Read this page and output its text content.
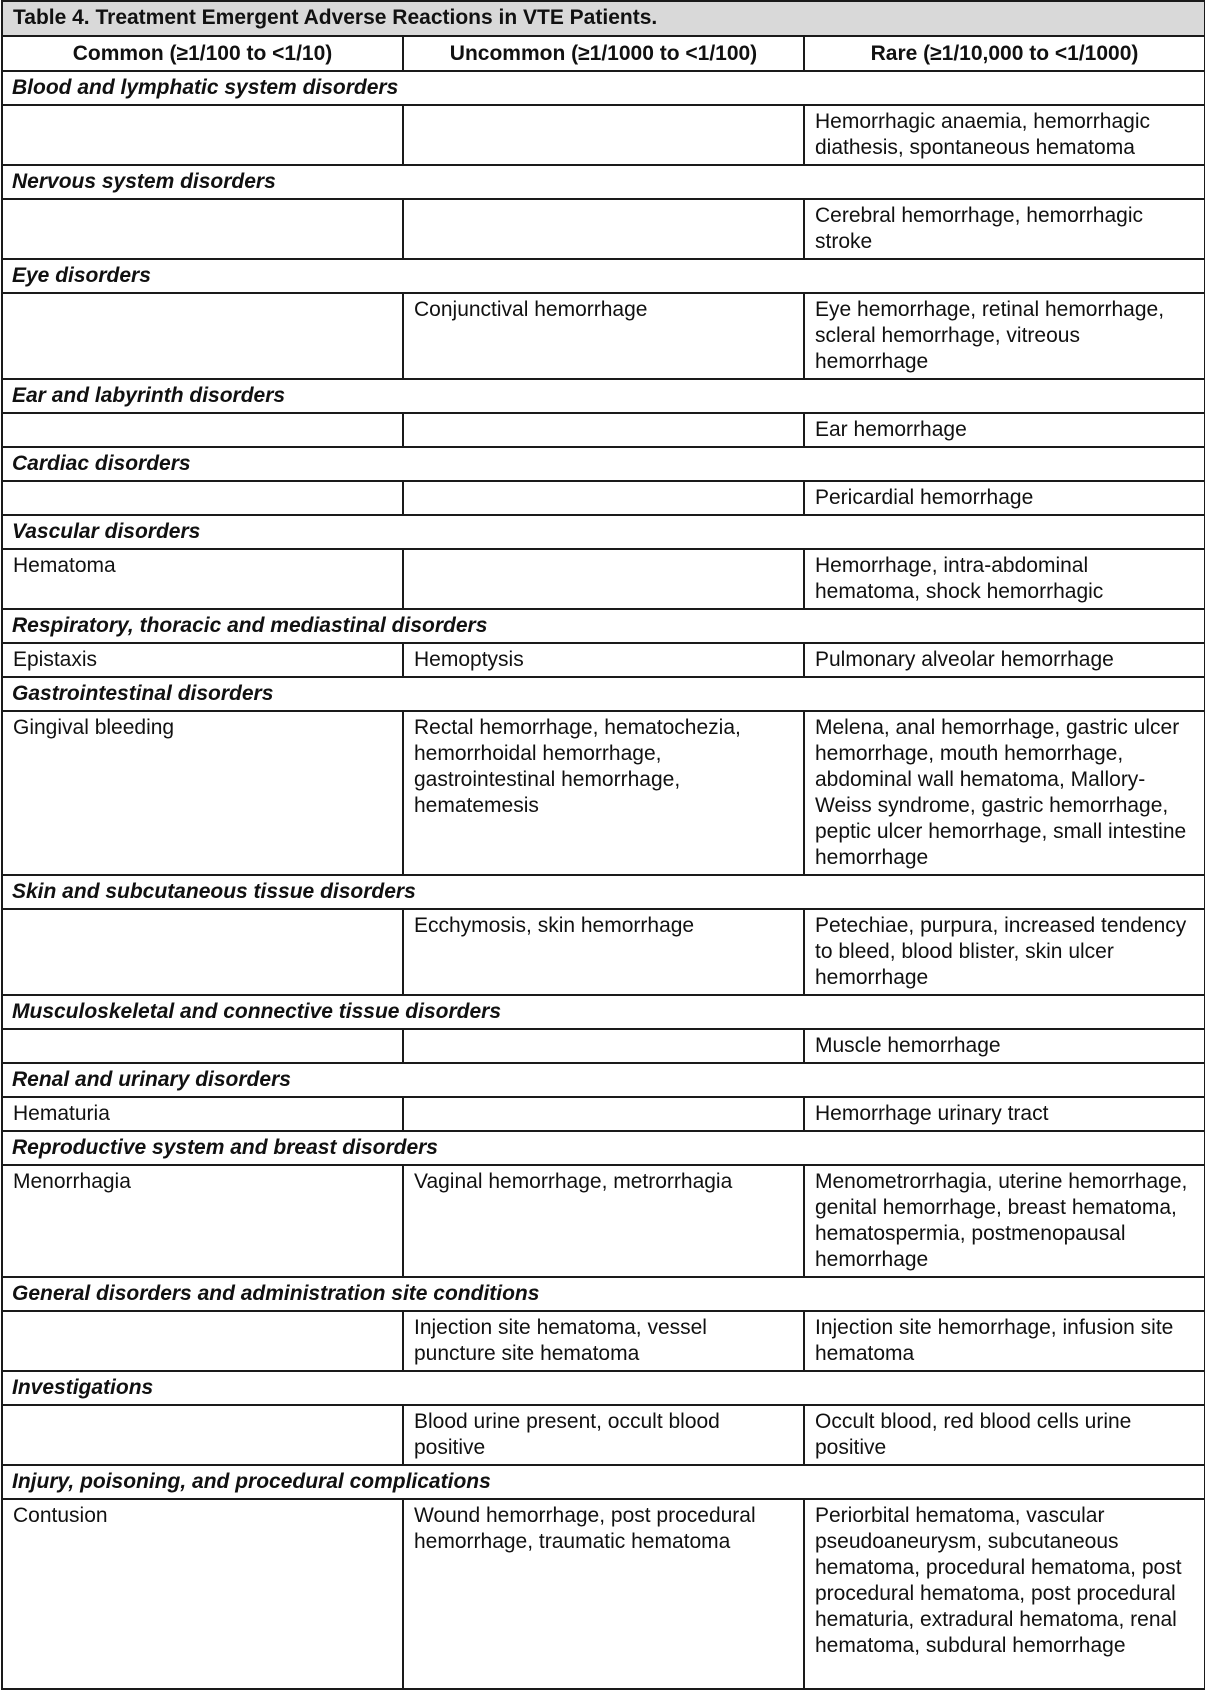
Table 4. Treatment Emergent Adverse Reactions in VTE Patients.		
Common (≥1/100 to <1/10)	Uncommon (≥1/1000 to <1/100)	Rare (≥1/10,000 to <1/1000)
Blood and lymphatic system disorders		
		Hemorrhagic anaemia, hemorrhagic diathesis, spontaneous hematoma
Nervous system disorders		
		Cerebral hemorrhage, hemorrhagic stroke
Eye disorders		
	Conjunctival hemorrhage	Eye hemorrhage, retinal hemorrhage, scleral hemorrhage, vitreous hemorrhage
Ear and labyrinth disorders		
		Ear hemorrhage
Cardiac disorders		
		Pericardial hemorrhage
Vascular disorders		
Hematoma		Hemorrhage, intra-abdominal hematoma, shock hemorrhagic
Respiratory, thoracic and mediastinal disorders		
Epistaxis	Hemoptysis	Pulmonary alveolar hemorrhage
Gastrointestinal disorders		
Gingival bleeding	Rectal hemorrhage, hematochezia, hemorrhoidal hemorrhage, gastrointestinal hemorrhage, hematemesis	Melena, anal hemorrhage, gastric ulcer hemorrhage, mouth hemorrhage, abdominal wall hematoma, Mallory-Weiss syndrome, gastric hemorrhage, peptic ulcer hemorrhage, small intestine hemorrhage
Skin and subcutaneous tissue disorders		
	Ecchymosis, skin hemorrhage	Petechiae, purpura, increased tendency to bleed, blood blister, skin ulcer hemorrhage
Musculoskeletal and connective tissue disorders		
		Muscle hemorrhage
Renal and urinary disorders		
Hematuria		Hemorrhage urinary tract
Reproductive system and breast disorders		
Menorrhagia	Vaginal hemorrhage, metrorrhagia	Menometrorrhagia, uterine hemorrhage, genital hemorrhage, breast hematoma, hematospermia, postmenopausal hemorrhage
General disorders and administration site conditions		
	Injection site hematoma, vessel puncture site hematoma	Injection site hemorrhage, infusion site hematoma
Investigations		
	Blood urine present, occult blood positive	Occult blood, red blood cells urine positive
Injury, poisoning, and procedural complications		
Contusion	Wound hemorrhage, post procedural hemorrhage, traumatic hematoma	Periorbital hematoma, vascular pseudoaneurysm, subcutaneous hematoma, procedural hematoma, post procedural hematoma, post procedural hematuria, extradural hematoma, renal hematoma, subdural hemorrhage
